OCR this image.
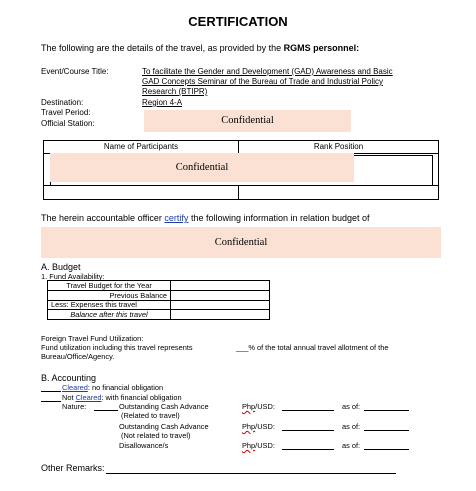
CERTIFICATION
The following are the details of the travel, as provided by the RGMS personnel:
Event/Course Title:	To facilitate the Gender and Development (GAD) Awareness and Basic
GAD Concepts Seminar of the Bureau of Trade and Industrial Policy
Research (BTIPR)
Destination:	Region 4-A
Travel Period:
Official Station:	Confidential
Name of Participants	Rank Position
Confidential
The herein accountable officer certify the following information in relation budget of
Confidential
A. Budget
1. Fund Availability:
Travel Budget for the Year
Previous Balance
Less: Expenses this travel
Balance after this travel
Foreign Travel Fund Utilization:
Fund utilization including this travel represents	___% of the total annual travel allotment of the
Bureau/Office/Agency.
B. Accounting
Cleared: no financial obligation
Not Cleared: with financial obligation
Nature:	Outstanding Cash Advance
(Related to travel)
Php/USD:	as of:
Outstanding Cash Advance
(Not related to travel)
Php/USD:	as of:
Disallowance/s	Php/USD:	as of:
Other Remarks:
